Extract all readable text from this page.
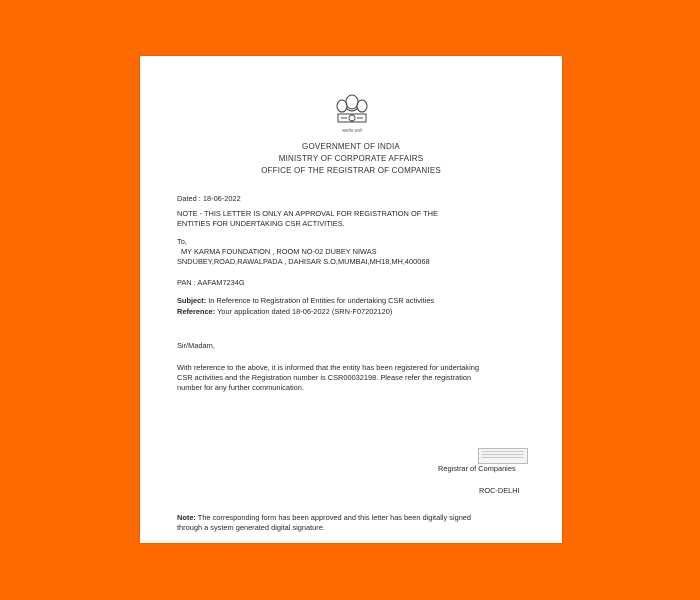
सत्यमेव जयते
GOVERNMENT OF INDIA
MINISTRY OF CORPORATE AFFAIRS
OFFICE OF THE REGISTRAR OF COMPANIES
Dated : 18-06-2022
NOTE - THIS LETTER IS ONLY AN APPROVAL FOR REGISTRATION OF THE
ENTITIES FOR UNDERTAKING CSR ACTIVITIES.
To,
MY KARMA FOUNDATION , ROOM NO-02 DUBEY NIWAS
SNDUBEY,ROAD,RAWALPADA , DAHISAR S.O,MUMBAI,MH18,MH,400068
PAN : AAFAM7234G
Subject: In Reference to Registration of Entities for undertaking CSR activities
Reference: Your application dated 18-06-2022 (SRN-F07202120)
Sir/Madam,
With reference to the above, it is informed that the entity has been registered for undertaking
CSR activities and the Registration number is CSR00032198. Please refer the registration
number for any further communication.
Registrar of Companies
ROC-DELHI
Note: The corresponding form has been approved and this letter has been digitally signed
through a system generated digital signature.
